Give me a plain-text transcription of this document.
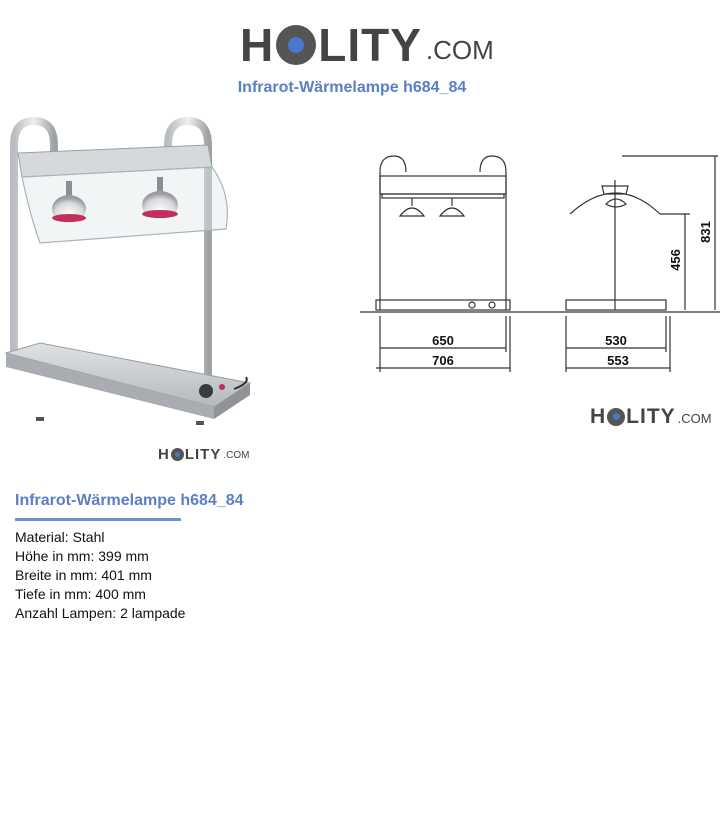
H LITY .COM
Infrarot-Wärmelampe h684_84
650
706
530
553
456
831
H LITY .COM
H LITY .COM
Infrarot-Wärmelampe h684_84
Material: Stahl
Höhe in mm: 399 mm
Breite in mm: 401 mm
Tiefe in mm: 400 mm
Anzahl Lampen: 2 lampade
